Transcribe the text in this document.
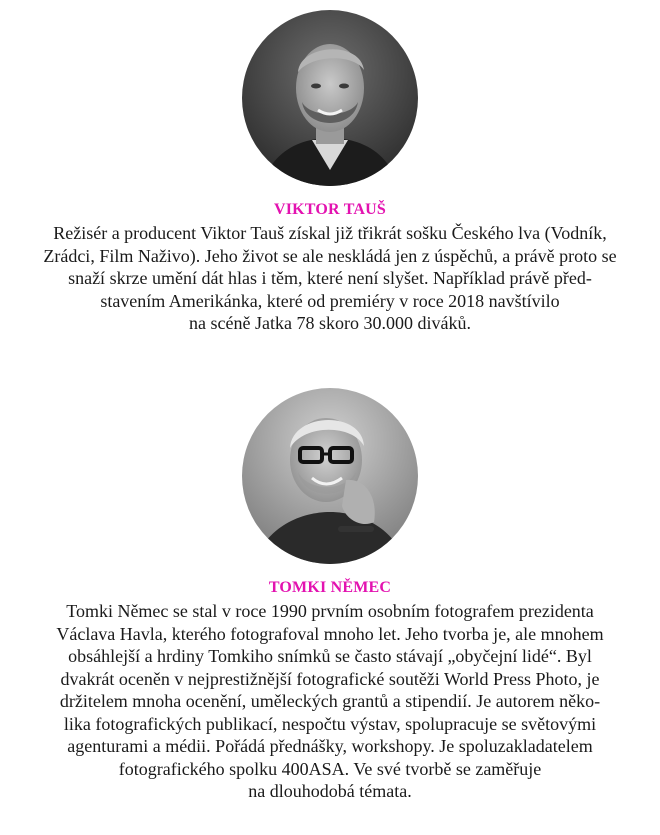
VIKTOR TAUŠ
Režisér a producent Viktor Tauš získal již třikrát sošku Českého lva (Vodník,
Zrádci, Film Naživo). Jeho život se ale neskládá jen z úspěchů, a právě proto se
snaží skrze umění dát hlas i těm, které není slyšet. Například právě před-
stavením Amerikánka, které od premiéry v roce 2018 navštívilo
na scéně Jatka 78 skoro 30.000 diváků.
TOMKI NĚMEC
Tomki Němec se stal v roce 1990 prvním osobním fotografem prezidenta
Václava Havla, kterého fotografoval mnoho let. Jeho tvorba je, ale mnohem
obsáhlejší a hrdiny Tomkiho snímků se často stávají „obyčejní lidé“. Byl
dvakrát oceněn v nejprestižnější fotografické soutěži World Press Photo, je
držitelem mnoha ocenění, uměleckých grantů a stipendií. Je autorem něko-
lika fotografických publikací, nespočtu výstav, spolupracuje se světovými
agenturami a médii. Pořádá přednášky, workshopy. Je spoluzakladatelem
fotografického spolku 400ASA. Ve své tvorbě se zaměřuje
na dlouhodobá témata.
